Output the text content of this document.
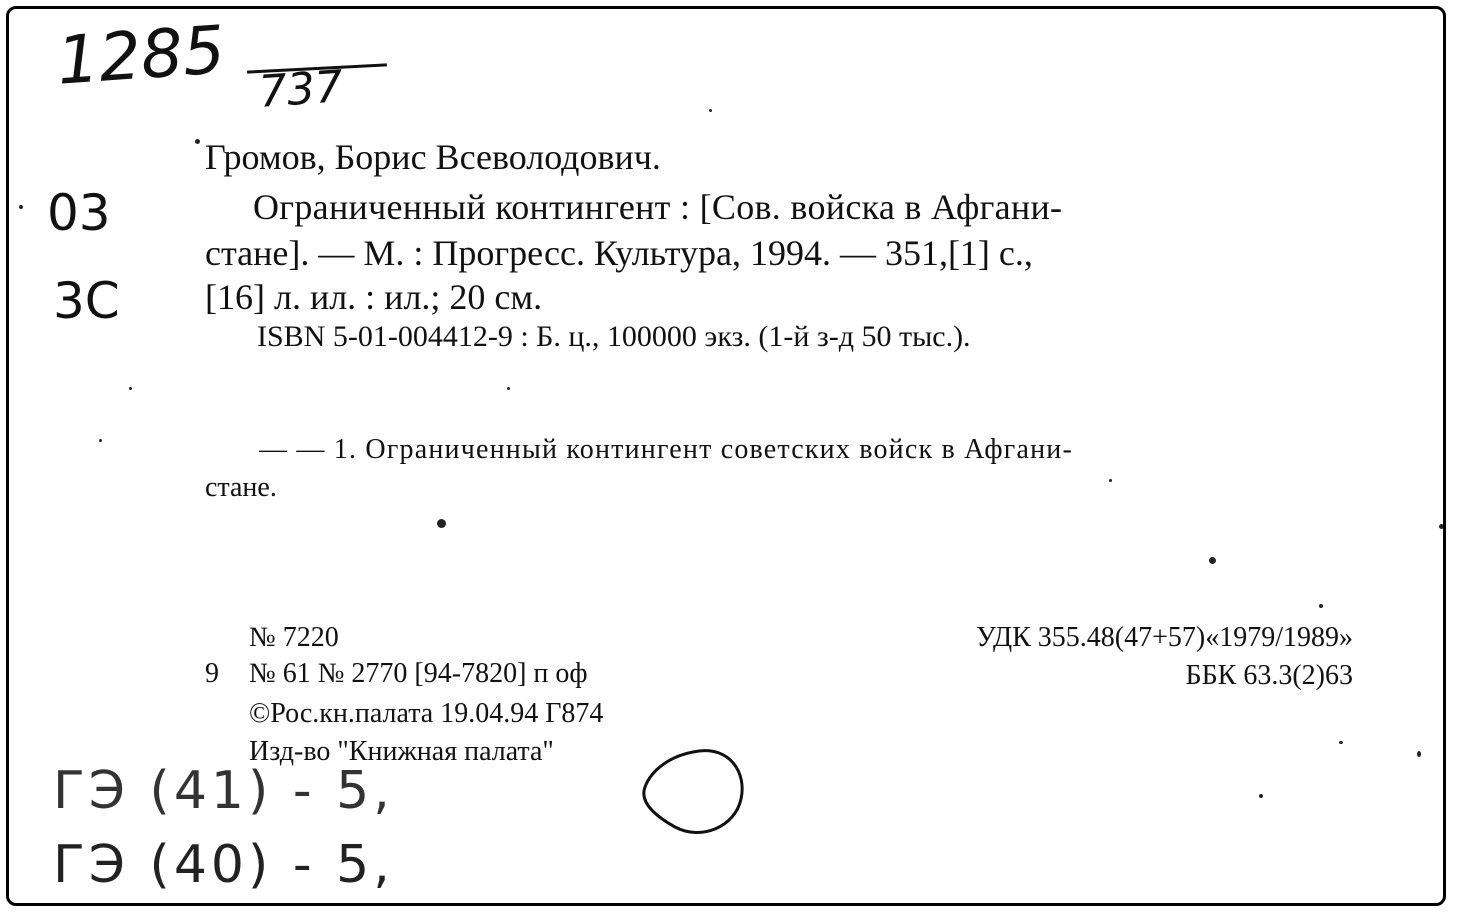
1285 737
03
3С
Громов, Борис Всеволодович.
Ограниченный контингент : [Сов. войска в Афгани-
стане]. — М. : Прогресс. Культура, 1994. — 351,[1] с.,
[16] л. ил. : ил.; 20 см.
ISBN 5-01-004412-9 : Б. ц., 100000 экз. (1-й з-д 50 тыс.).
— — 1. Ограниченный контингент советских войск в Афгани-
стане.
№ 7220
9 № 61 № 2770 [94-7820] п оф
©Рос.кн.палата 19.04.94 Г874
Изд-во "Книжная палата"
УДК 355.48(47+57)«1979/1989»
ББК 63.3(2)63
ГЭ (41) - 5,
ГЭ (40) - 5,
